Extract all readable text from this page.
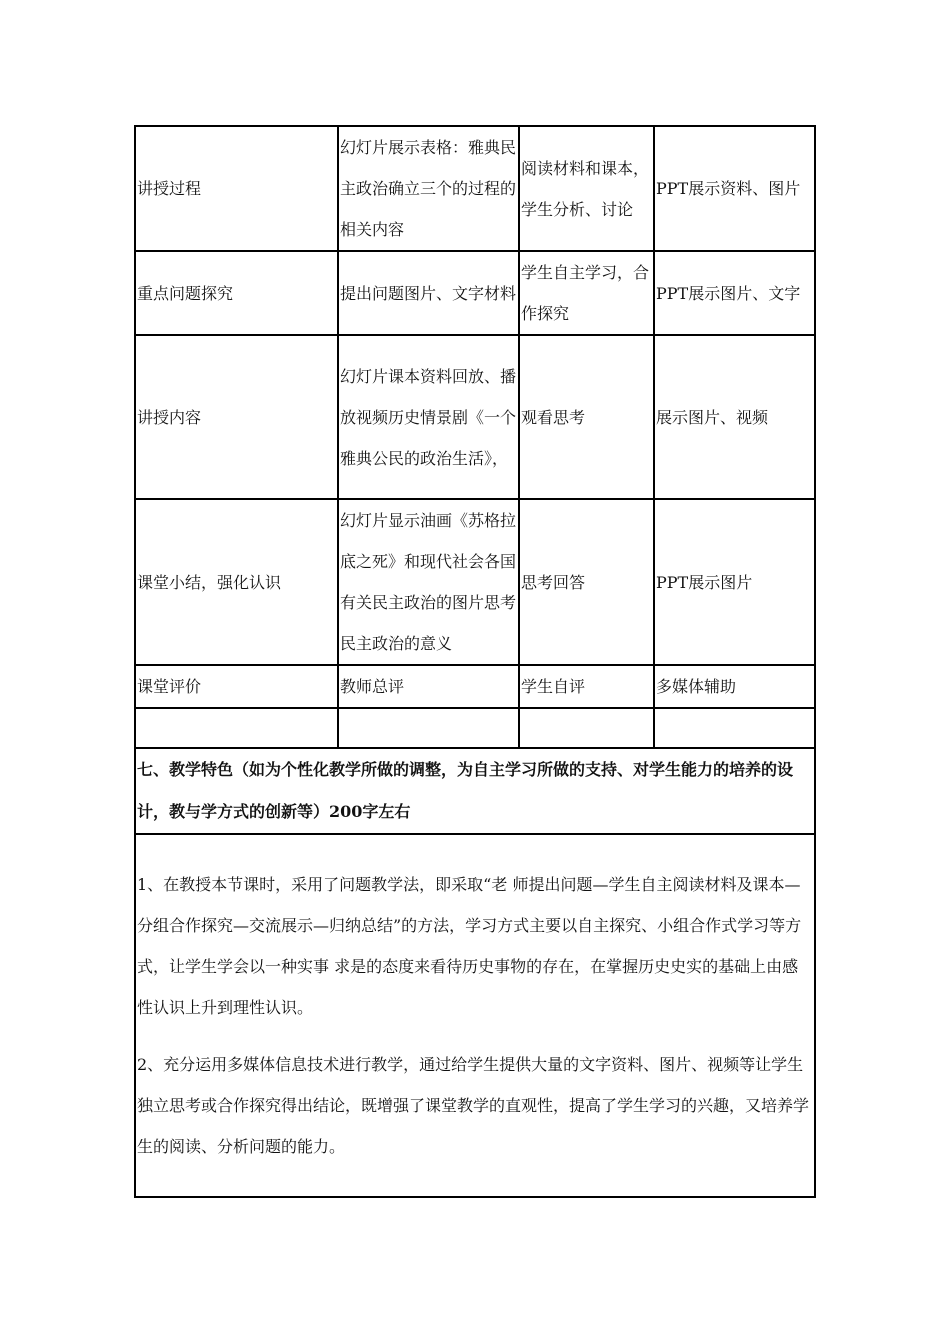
讲授过程	幻灯片展示表格：雅典民主政治确立三个的过程的相关内容	阅读材料和课本，学生分析、讨论	PPT展示资料、图片
重点问题探究	提出问题图片、文字材料	学生自主学习，合作探究	PPT展示图片、文字
讲授内容	幻灯片课本资料回放、播放视频历史情景剧《一个雅典公民的政治生活》，	观看思考	展示图片、视频
课堂小结，强化认识	幻灯片显示油画《苏格拉底之死》和现代社会各国有关民主政治的图片思考民主政治的意义	思考回答	PPT展示图片
课堂评价	教师总评	学生自评	多媒体辅助

七、教学特色（如为个性化教学所做的调整，为自主学习所做的支持、对学生能力的培养的设计，教与学方式的创新等）200字左右			

1、在教授本节课时，采用了问题教学法，即采取“老 师提出问题—学生自主阅读材料及课本—分组合作探究—交流展示—归纳总结”的方法，学习方式主要以自主探究、小组合作式学习等方式，让学生学会以一种实事 求是的态度来看待历史事物的存在，在掌握历史史实的基础上由感性认识上升到理性认识。

2、充分运用多媒体信息技术进行教学，通过给学生提供大量的文字资料、图片、视频等让学生独立思考或合作探究得出结论，既增强了课堂教学的直观性，提高了学生学习的兴趣，又培养学生的阅读、分析问题的能力。			
